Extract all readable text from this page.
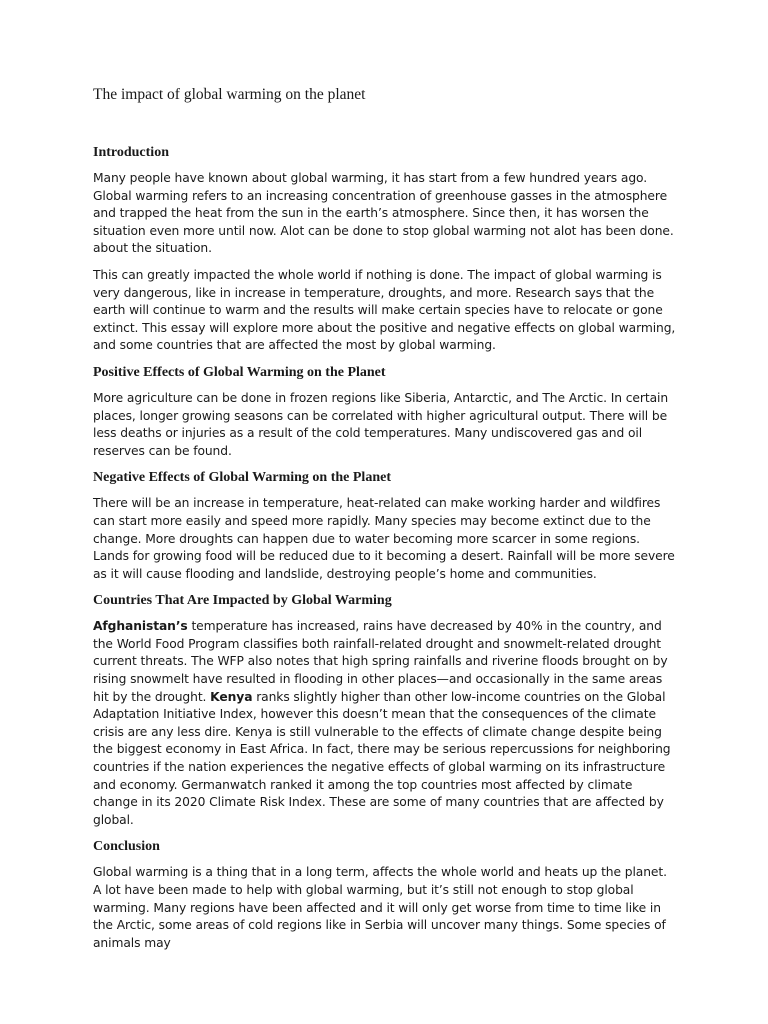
The impact of global warming on the planet
Introduction

Many people have known about global warming, it has start from a few hundred years ago. Global warming refers to an increasing concentration of greenhouse gasses in the atmosphere and trapped the heat from the sun in the earth’s atmosphere. Since then, it has worsen the situation even more until now. Alot can be done to stop global warming not alot has been done. about the situation.

This can greatly impacted the whole world if nothing is done. The impact of global warming is very dangerous, like in increase in temperature, droughts, and more. Research says that the earth will continue to warm and the results will make certain species have to relocate or gone extinct. This essay will explore more about the positive and negative effects on global warming, and some countries that are affected the most by global warming.

Positive Effects of Global Warming on the Planet

More agriculture can be done in frozen regions like Siberia, Antarctic, and The Arctic. In certain places, longer growing seasons can be correlated with higher agricultural output. There will be less deaths or injuries as a result of the cold temperatures. Many undiscovered gas and oil reserves can be found.

Negative Effects of Global Warming on the Planet

There will be an increase in temperature, heat-related can make working harder and wildfires can start more easily and speed more rapidly. Many species may become extinct due to the change. More droughts can happen due to water becoming more scarcer in some regions. Lands for growing food will be reduced due to it becoming a desert. Rainfall will be more severe as it will cause flooding and landslide, destroying people’s home and communities.

Countries That Are Impacted by Global Warming

Afghanistan’s temperature has increased, rains have decreased by 40% in the country, and the World Food Program classifies both rainfall-related drought and snowmelt-related drought current threats. The WFP also notes that high spring rainfalls and riverine floods brought on by rising snowmelt have resulted in flooding in other places—and occasionally in the same areas hit by the drought. Kenya ranks slightly higher than other low-income countries on the Global Adaptation Initiative Index, however this doesn’t mean that the consequences of the climate crisis are any less dire. Kenya is still vulnerable to the effects of climate change despite being the biggest economy in East Africa. In fact, there may be serious repercussions for neighboring countries if the nation experiences the negative effects of global warming on its infrastructure and economy. Germanwatch ranked it among the top countries most affected by climate change in its 2020 Climate Risk Index. These are some of many countries that are affected by global.

Conclusion

Global warming is a thing that in a long term, affects the whole world and heats up the planet. A lot have been made to help with global warming, but it’s still not enough to stop global warming. Many regions have been affected and it will only get worse from time to time like in the Arctic, some areas of cold regions like in Serbia will uncover many things. Some species of animals may
